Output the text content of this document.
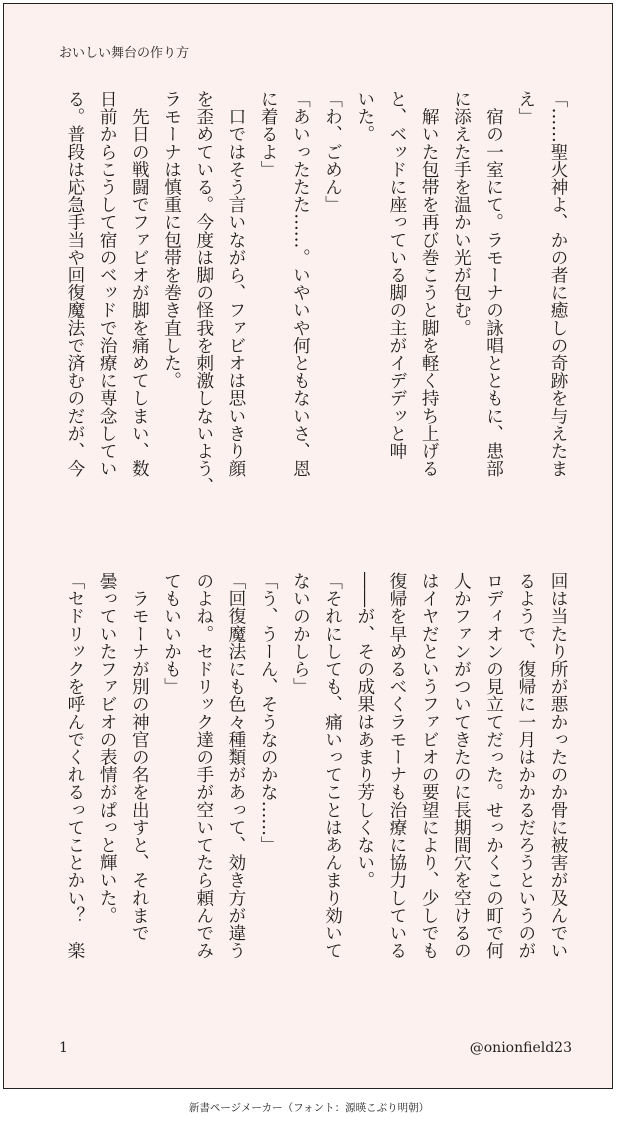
おいしい舞台の作り方
「……聖火神よ、かの者に癒しの奇跡を与えたま
え」
　宿の一室にて。ラモーナの詠唱とともに、患部
に添えた手を温かい光が包む。
　解いた包帯を再び巻こうと脚を軽く持ち上げる
と、ベッドに座っている脚の主がイデデッと呻
いた。
「わ、ごめん」
「あいったたた……。いやいや何ともないさ、恩
に着るよ」
　口ではそう言いながら、ファビオは思いきり顔
を歪めている。今度は脚の怪我を刺激しないよう、
ラモーナは慎重に包帯を巻き直した。
　先日の戦闘でファビオが脚を痛めてしまい、数
日前からこうして宿のベッドで治療に専念してい
る。普段は応急手当や回復魔法で済むのだが、今
回は当たり所が悪かったのか骨に被害が及んでい
るようで、復帰に一月はかかるだろうというのが
ロディオンの見立てだった。せっかくこの町で何
人かファンがついてきたのに長期間穴を空けるの
はイヤだというファビオの要望により、少しでも
復帰を早めるべくラモーナも治療に協力している
――が、その成果はあまり芳しくない。
「それにしても、痛いってことはあんまり効いて
ないのかしら」
「う、うーん、そうなのかな……」
「回復魔法にも色々種類があって、効き方が違う
のよね。セドリック達の手が空いてたら頼んでみ
てもいいかも」
　ラモーナが別の神官の名を出すと、それまで
曇っていたファビオの表情がぱっと輝いた。
「セドリックを呼んでくれるってことかい？　楽
1	@onionfield23
新書ページメーカー（フォント：源暎こぶり明朝）
